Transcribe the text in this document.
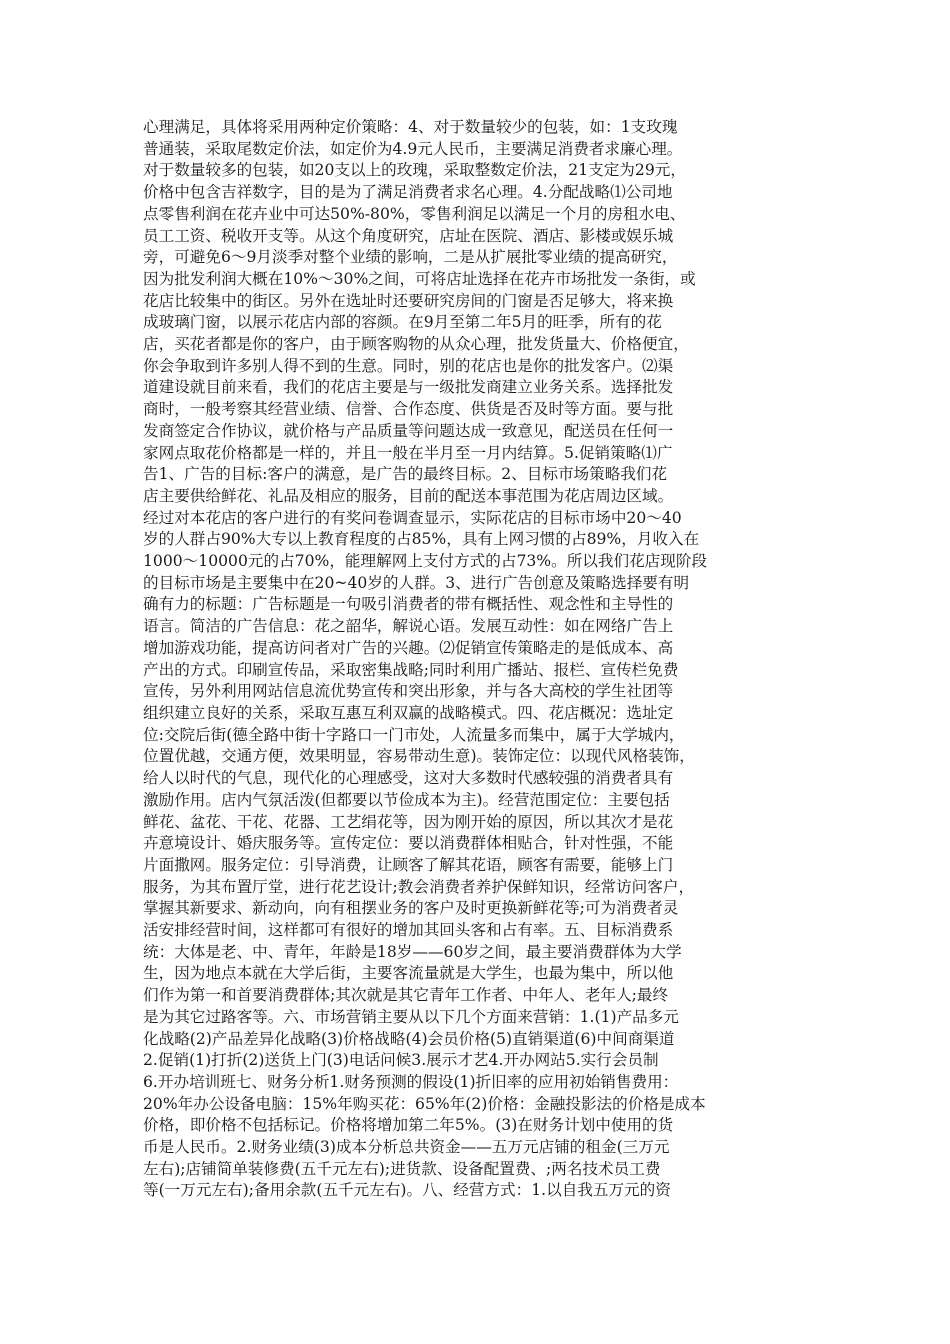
心理满足，具体将采用两种定价策略：4、对于数量较少的包装，如：1支玫瑰
普通装，采取尾数定价法，如定价为4.9元人民币，主要满足消费者求廉心理。
对于数量较多的包装，如20支以上的玫瑰，采取整数定价法，21支定为29元，
价格中包含吉祥数字，目的是为了满足消费者求名心理。4.分配战略⑴公司地
点零售利润在花卉业中可达50%-80%，零售利润足以满足一个月的房租水电、
员工工资、税收开支等。从这个角度研究，店址在医院、酒店、影楼或娱乐城
旁，可避免6～9月淡季对整个业绩的影响，二是从扩展批零业绩的提高研究，
因为批发利润大概在10%～30%之间，可将店址选择在花卉市场批发一条街，或
花店比较集中的街区。另外在选址时还要研究房间的门窗是否足够大，将来换
成玻璃门窗，以展示花店内部的容颜。在9月至第二年5月的旺季，所有的花
店，买花者都是你的客户，由于顾客购物的从众心理，批发货量大、价格便宜，
你会争取到许多别人得不到的生意。同时，别的花店也是你的批发客户。⑵渠
道建设就目前来看，我们的花店主要是与一级批发商建立业务关系。选择批发
商时，一般考察其经营业绩、信誉、合作态度、供货是否及时等方面。要与批
发商签定合作协议，就价格与产品质量等问题达成一致意见，配送员在任何一
家网点取花价格都是一样的，并且一般在半月至一月内结算。5.促销策略⑴广
告1、广告的目标:客户的满意，是广告的最终目标。2、目标市场策略我们花
店主要供给鲜花、礼品及相应的服务，目前的配送本事范围为花店周边区域。
经过对本花店的客户进行的有奖问卷调查显示，实际花店的目标市场中20～40
岁的人群占90%大专以上教育程度的占85%，具有上网习惯的占89%，月收入在
1000～10000元的占70%，能理解网上支付方式的占73%。所以我们花店现阶段
的目标市场是主要集中在20~40岁的人群。3、进行广告创意及策略选择要有明
确有力的标题：广告标题是一句吸引消费者的带有概括性、观念性和主导性的
语言。简洁的广告信息：花之韶华，解说心语。发展互动性：如在网络广告上
增加游戏功能，提高访问者对广告的兴趣。⑵促销宣传策略走的是低成本、高
产出的方式。印刷宣传品，采取密集战略;同时利用广播站、报栏、宣传栏免费
宣传，另外利用网站信息流优势宣传和突出形象，并与各大高校的学生社团等
组织建立良好的关系，采取互惠互利双赢的战略模式。四、花店概况：选址定
位:交院后街(德全路中街十字路口一门市处，人流量多而集中，属于大学城内，
位置优越，交通方便，效果明显，容易带动生意)。装饰定位：以现代风格装饰，
给人以时代的气息，现代化的心理感受，这对大多数时代感较强的消费者具有
激励作用。店内气氛活泼(但都要以节俭成本为主)。经营范围定位：主要包括
鲜花、盆花、干花、花器、工艺绢花等，因为刚开始的原因，所以其次才是花
卉意境设计、婚庆服务等。宣传定位：要以消费群体相贴合，针对性强，不能
片面撒网。服务定位：引导消费，让顾客了解其花语，顾客有需要，能够上门
服务，为其布置厅堂，进行花艺设计;教会消费者养护保鲜知识，经常访问客户，
掌握其新要求、新动向，向有租摆业务的客户及时更换新鲜花等;可为消费者灵
活安排经营时间，这样都可有很好的增加其回头客和占有率。五、目标消费系
统：大体是老、中、青年，年龄是18岁——60岁之间，最主要消费群体为大学
生，因为地点本就在大学后街，主要客流量就是大学生，也最为集中，所以他
们作为第一和首要消费群体;其次就是其它青年工作者、中年人、老年人;最终
是为其它过路客等。六、市场营销主要从以下几个方面来营销：1.(1)产品多元
化战略(2)产品差异化战略(3)价格战略(4)会员价格(5)直销渠道(6)中间商渠道
2.促销(1)打折(2)送货上门(3)电话问候3.展示才艺4.开办网站5.实行会员制
6.开办培训班七、财务分析1.财务预测的假设(1)折旧率的应用初始销售费用：
20%年办公设备电脑：15%年购买花：65%年(2)价格：金融投影法的价格是成本
价格，即价格不包括标记。价格将增加第二年5%。(3)在财务计划中使用的货
币是人民币。2.财务业绩(3)成本分析总共资金——五万元店铺的租金(三万元
左右);店铺简单装修费(五千元左右);进货款、设备配置费、;两名技术员工费
等(一万元左右);备用余款(五千元左右)。八、经营方式：1.以自我五万元的资
